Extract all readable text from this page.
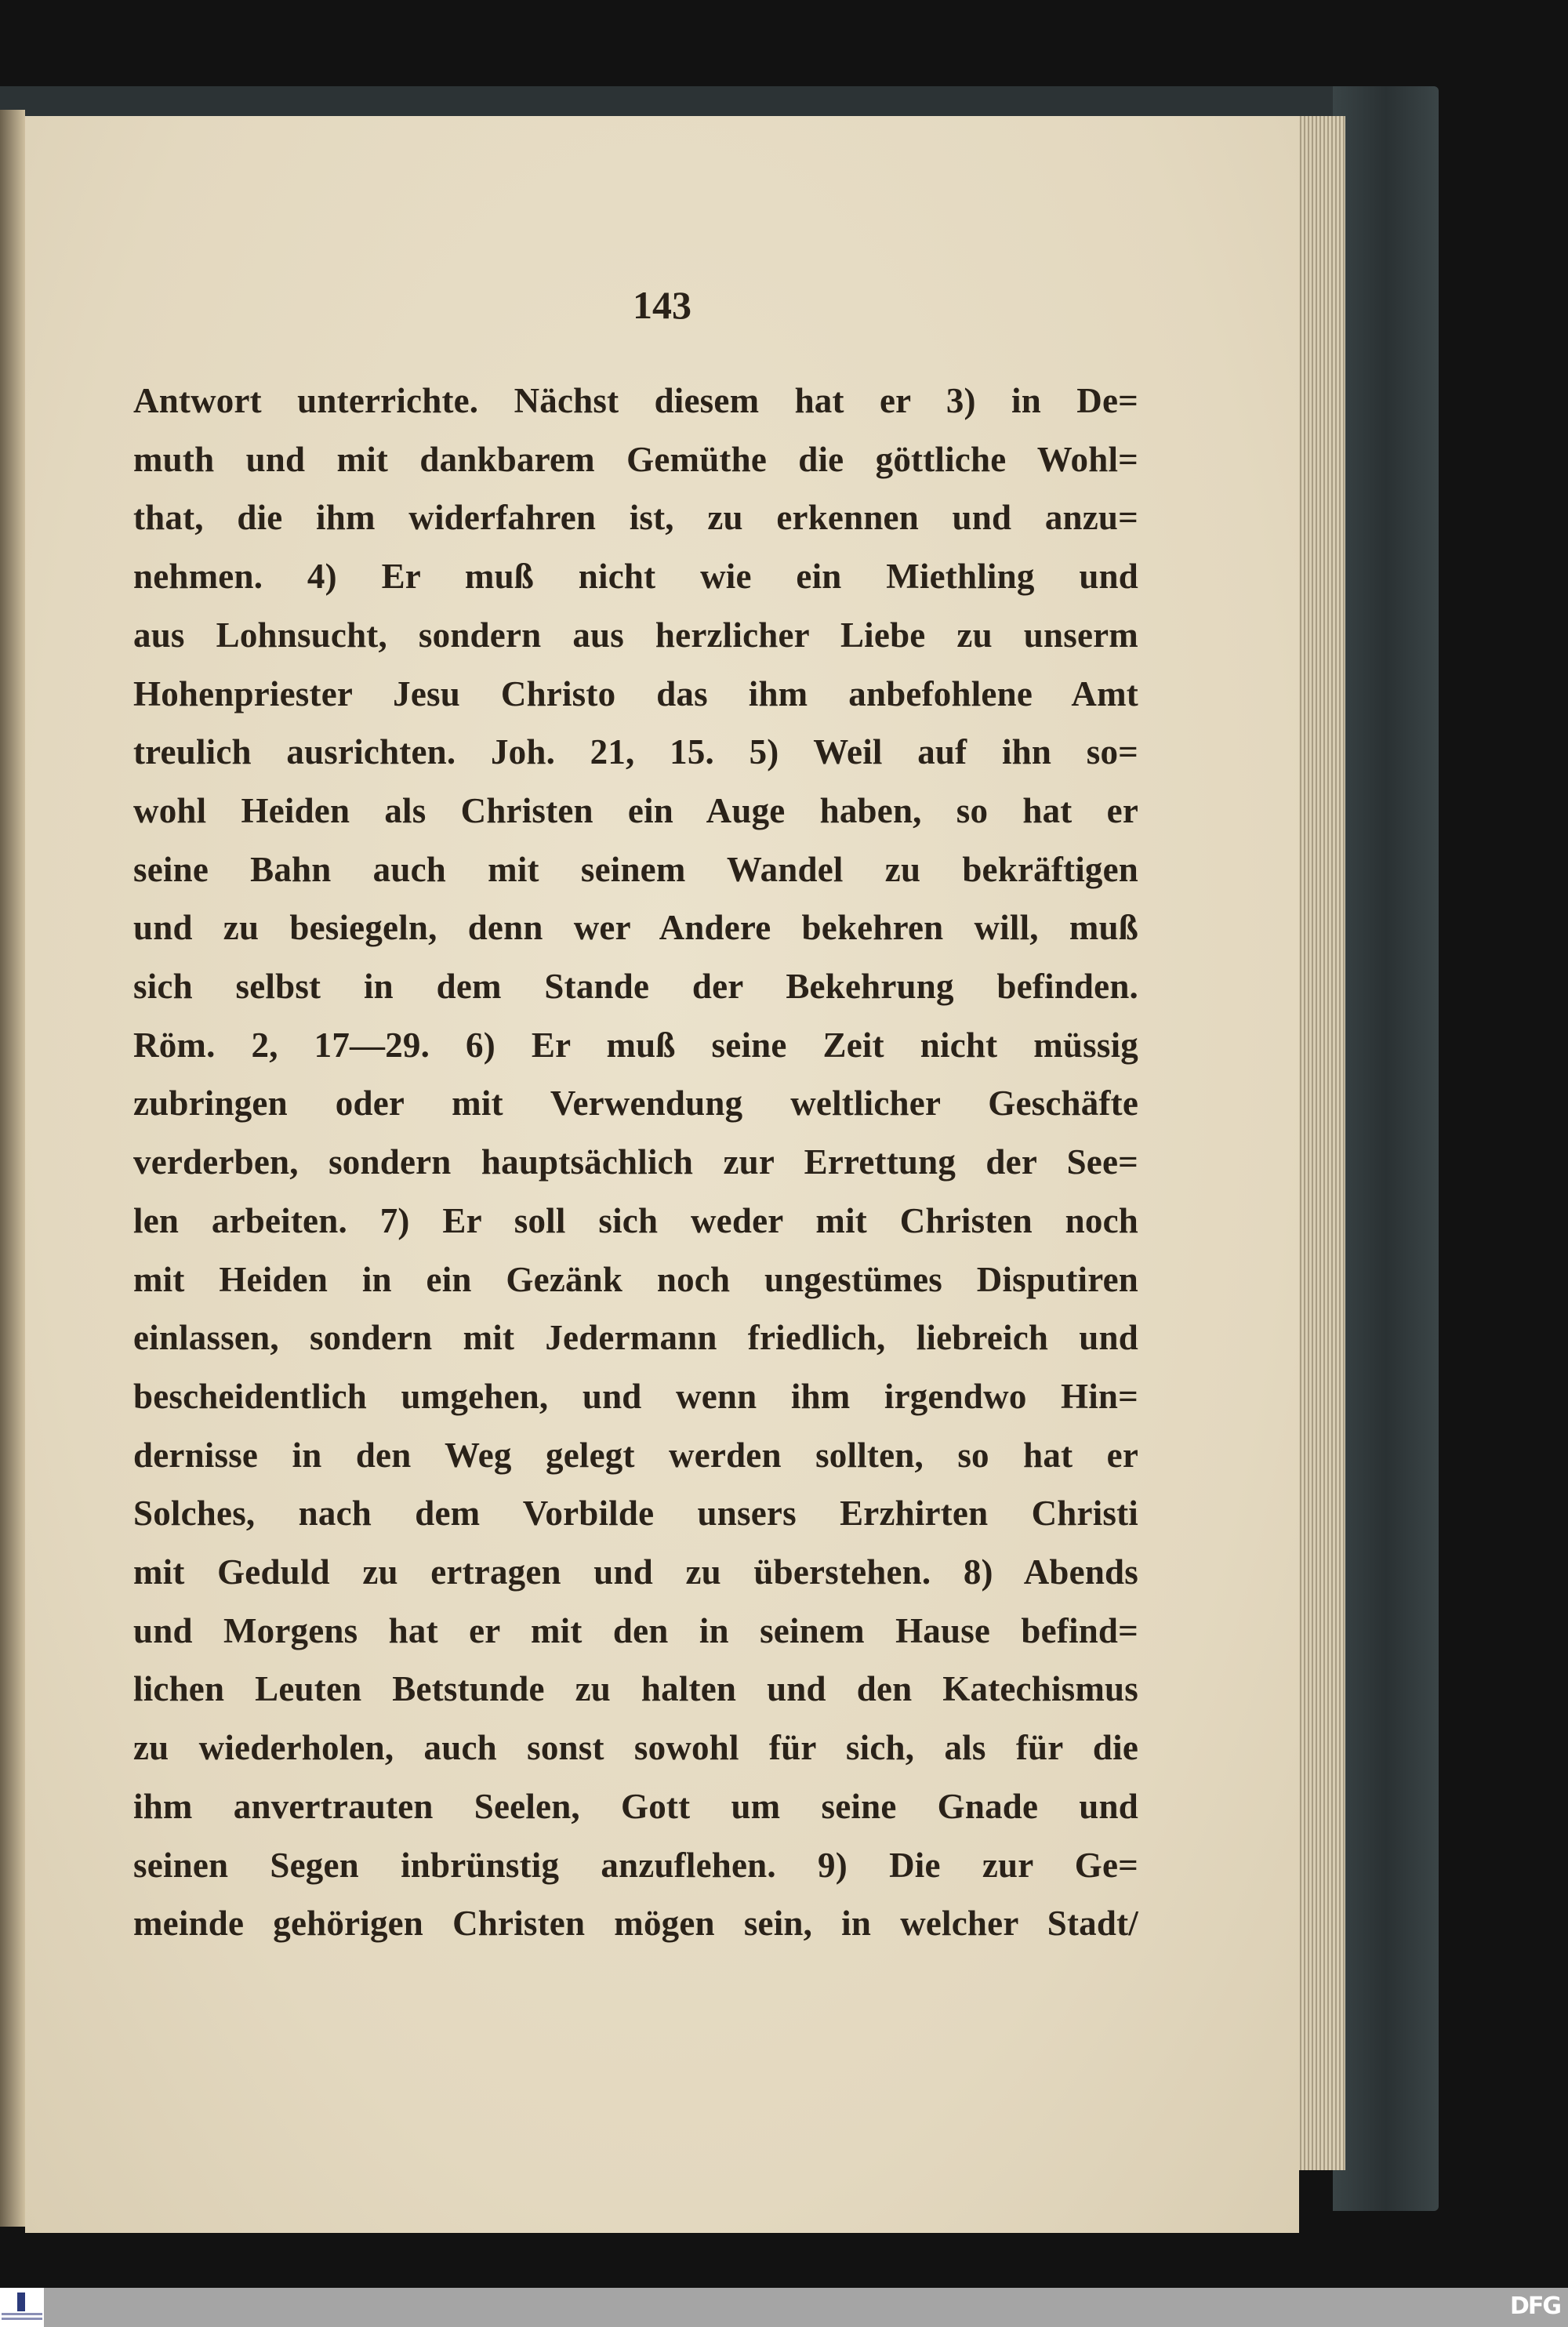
143
Antwort unterrichte. Nächst diesem hat er 3) in De=
muth und mit dankbarem Gemüthe die göttliche Wohl=
that, die ihm widerfahren ist, zu erkennen und anzu=
nehmen. 4) Er muß nicht wie ein Miethling und
aus Lohnsucht, sondern aus herzlicher Liebe zu unserm
Hohenpriester Jesu Christo das ihm anbefohlene Amt
treulich ausrichten. Joh. 21, 15. 5) Weil auf ihn so=
wohl Heiden als Christen ein Auge haben, so hat er
seine Bahn auch mit seinem Wandel zu bekräftigen
und zu besiegeln, denn wer Andere bekehren will, muß
sich selbst in dem Stande der Bekehrung befinden.
Röm. 2, 17—29. 6) Er muß seine Zeit nicht müssig
zubringen oder mit Verwendung weltlicher Geschäfte
verderben, sondern hauptsächlich zur Errettung der See=
len arbeiten. 7) Er soll sich weder mit Christen noch
mit Heiden in ein Gezänk noch ungestümes Disputiren
einlassen, sondern mit Jedermann friedlich, liebreich und
bescheidentlich umgehen, und wenn ihm irgendwo Hin=
dernisse in den Weg gelegt werden sollten, so hat er
Solches, nach dem Vorbilde unsers Erzhirten Christi
mit Geduld zu ertragen und zu überstehen. 8) Abends
und Morgens hat er mit den in seinem Hause befind=
lichen Leuten Betstunde zu halten und den Katechismus
zu wiederholen, auch sonst sowohl für sich, als für die
ihm anvertrauten Seelen, Gott um seine Gnade und
seinen Segen inbrünstig anzuflehen. 9) Die zur Ge=
meinde gehörigen Christen mögen sein, in welcher Stadt/
DFG
